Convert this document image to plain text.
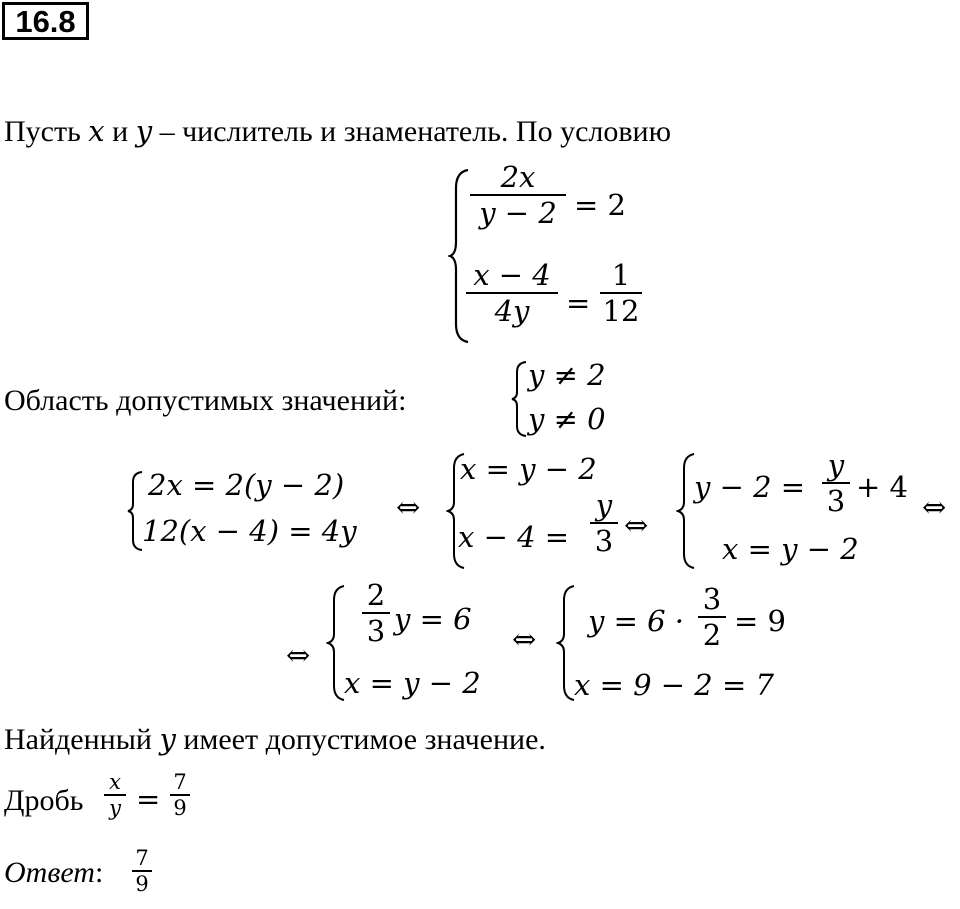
16.8
Пусть x и y – числитель и знаменатель. По условию
2x
y − 2 = 2
x − 4
4y	=
1
12
Область допустимых значений:
y ≠ 2
y ≠ 0
2x = 2(y − 2)
12(x − 4) = 4y
⇔
x = y − 2
x − 4 =
y
3 ⇔
y − 2 =
y
3 + 4
x = y − 2
⇔
⇔
2
3 y = 6
x = y − 2
⇔
y = 6 ·
3
2 = 9
x = 9 − 2 = 7
Найденный y имеет допустимое значение.
Дробь
x
y = 7
9
Ответ: 7
9
